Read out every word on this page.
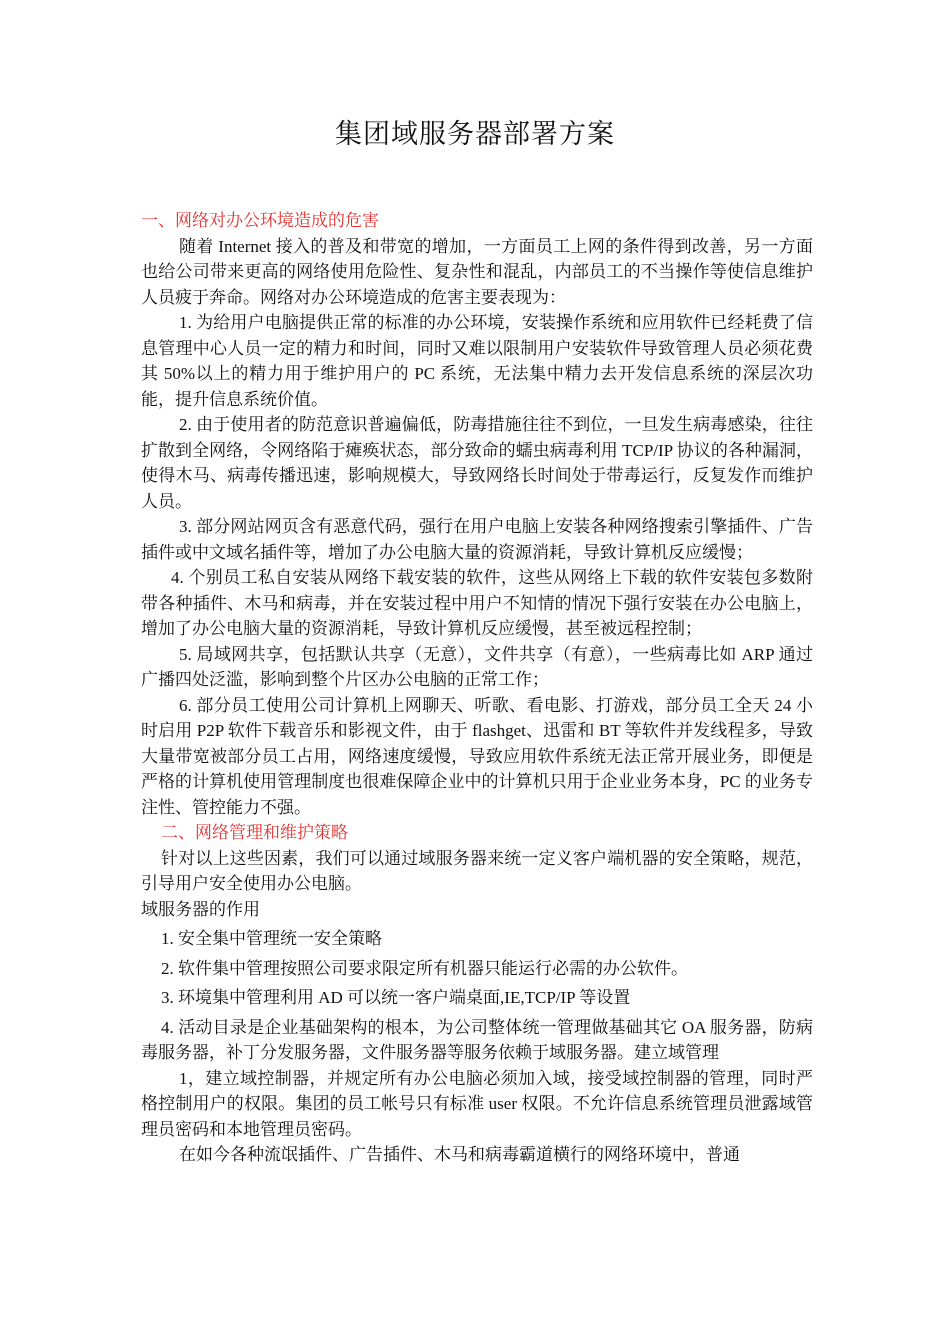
集团域服务器部署方案

一、网络对办公环境造成的危害

随着 Internet 接入的普及和带宽的增加，一方面员工上网的条件得到改善，另一方面也给公司带来更高的网络使用危险性、复杂性和混乱，内部员工的不当操作等使信息维护人员疲于奔命。网络对办公环境造成的危害主要表现为：

1. 为给用户电脑提供正常的标准的办公环境，安装操作系统和应用软件已经耗费了信息管理中心人员一定的精力和时间，同时又难以限制用户安装软件导致管理人员必须花费其 50%以上的精力用于维护用户的 PC 系统，无法集中精力去开发信息系统的深层次功能，提升信息系统价值。

2. 由于使用者的防范意识普遍偏低，防毒措施往往不到位，一旦发生病毒感染，往往扩散到全网络，令网络陷于瘫痪状态，部分致命的蠕虫病毒利用 TCP/IP 协议的各种漏洞，使得木马、病毒传播迅速，影响规模大，导致网络长时间处于带毒运行，反复发作而维护人员。

3. 部分网站网页含有恶意代码，强行在用户电脑上安装各种网络搜索引擎插件、广告插件或中文域名插件等，增加了办公电脑大量的资源消耗，导致计算机反应缓慢；

4. 个别员工私自安装从网络下载安装的软件，这些从网络上下载的软件安装包多数附带各种插件、木马和病毒，并在安装过程中用户不知情的情况下强行安装在办公电脑上，增加了办公电脑大量的资源消耗，导致计算机反应缓慢，甚至被远程控制；

5. 局域网共享，包括默认共享（无意），文件共享（有意），一些病毒比如 ARP 通过广播四处泛滥，影响到整个片区办公电脑的正常工作；

6. 部分员工使用公司计算机上网聊天、听歌、看电影、打游戏，部分员工全天 24 小时启用 P2P 软件下载音乐和影视文件，由于 flashget、迅雷和 BT 等软件并发线程多，导致大量带宽被部分员工占用，网络速度缓慢，导致应用软件系统无法正常开展业务，即便是严格的计算机使用管理制度也很难保障企业中的计算机只用于企业业务本身，PC 的业务专注性、管控能力不强。

二、网络管理和维护策略

针对以上这些因素，我们可以通过域服务器来统一定义客户端机器的安全策略，规范，引导用户安全使用办公电脑。

域服务器的作用

1. 安全集中管理统一安全策略

2. 软件集中管理按照公司要求限定所有机器只能运行必需的办公软件。

3. 环境集中管理利用 AD 可以统一客户端桌面,IE,TCP/IP 等设置

4. 活动目录是企业基础架构的根本，为公司整体统一管理做基础其它 OA 服务器，防病毒服务器，补丁分发服务器，文件服务器等服务依赖于域服务器。建立域管理

1，建立域控制器，并规定所有办公电脑必须加入域，接受域控制器的管理，同时严格控制用户的权限。集团的员工帐号只有标准 user 权限。不允许信息系统管理员泄露域管理员密码和本地管理员密码。

在如今各种流氓插件、广告插件、木马和病毒霸道横行的网络环境中，普通
